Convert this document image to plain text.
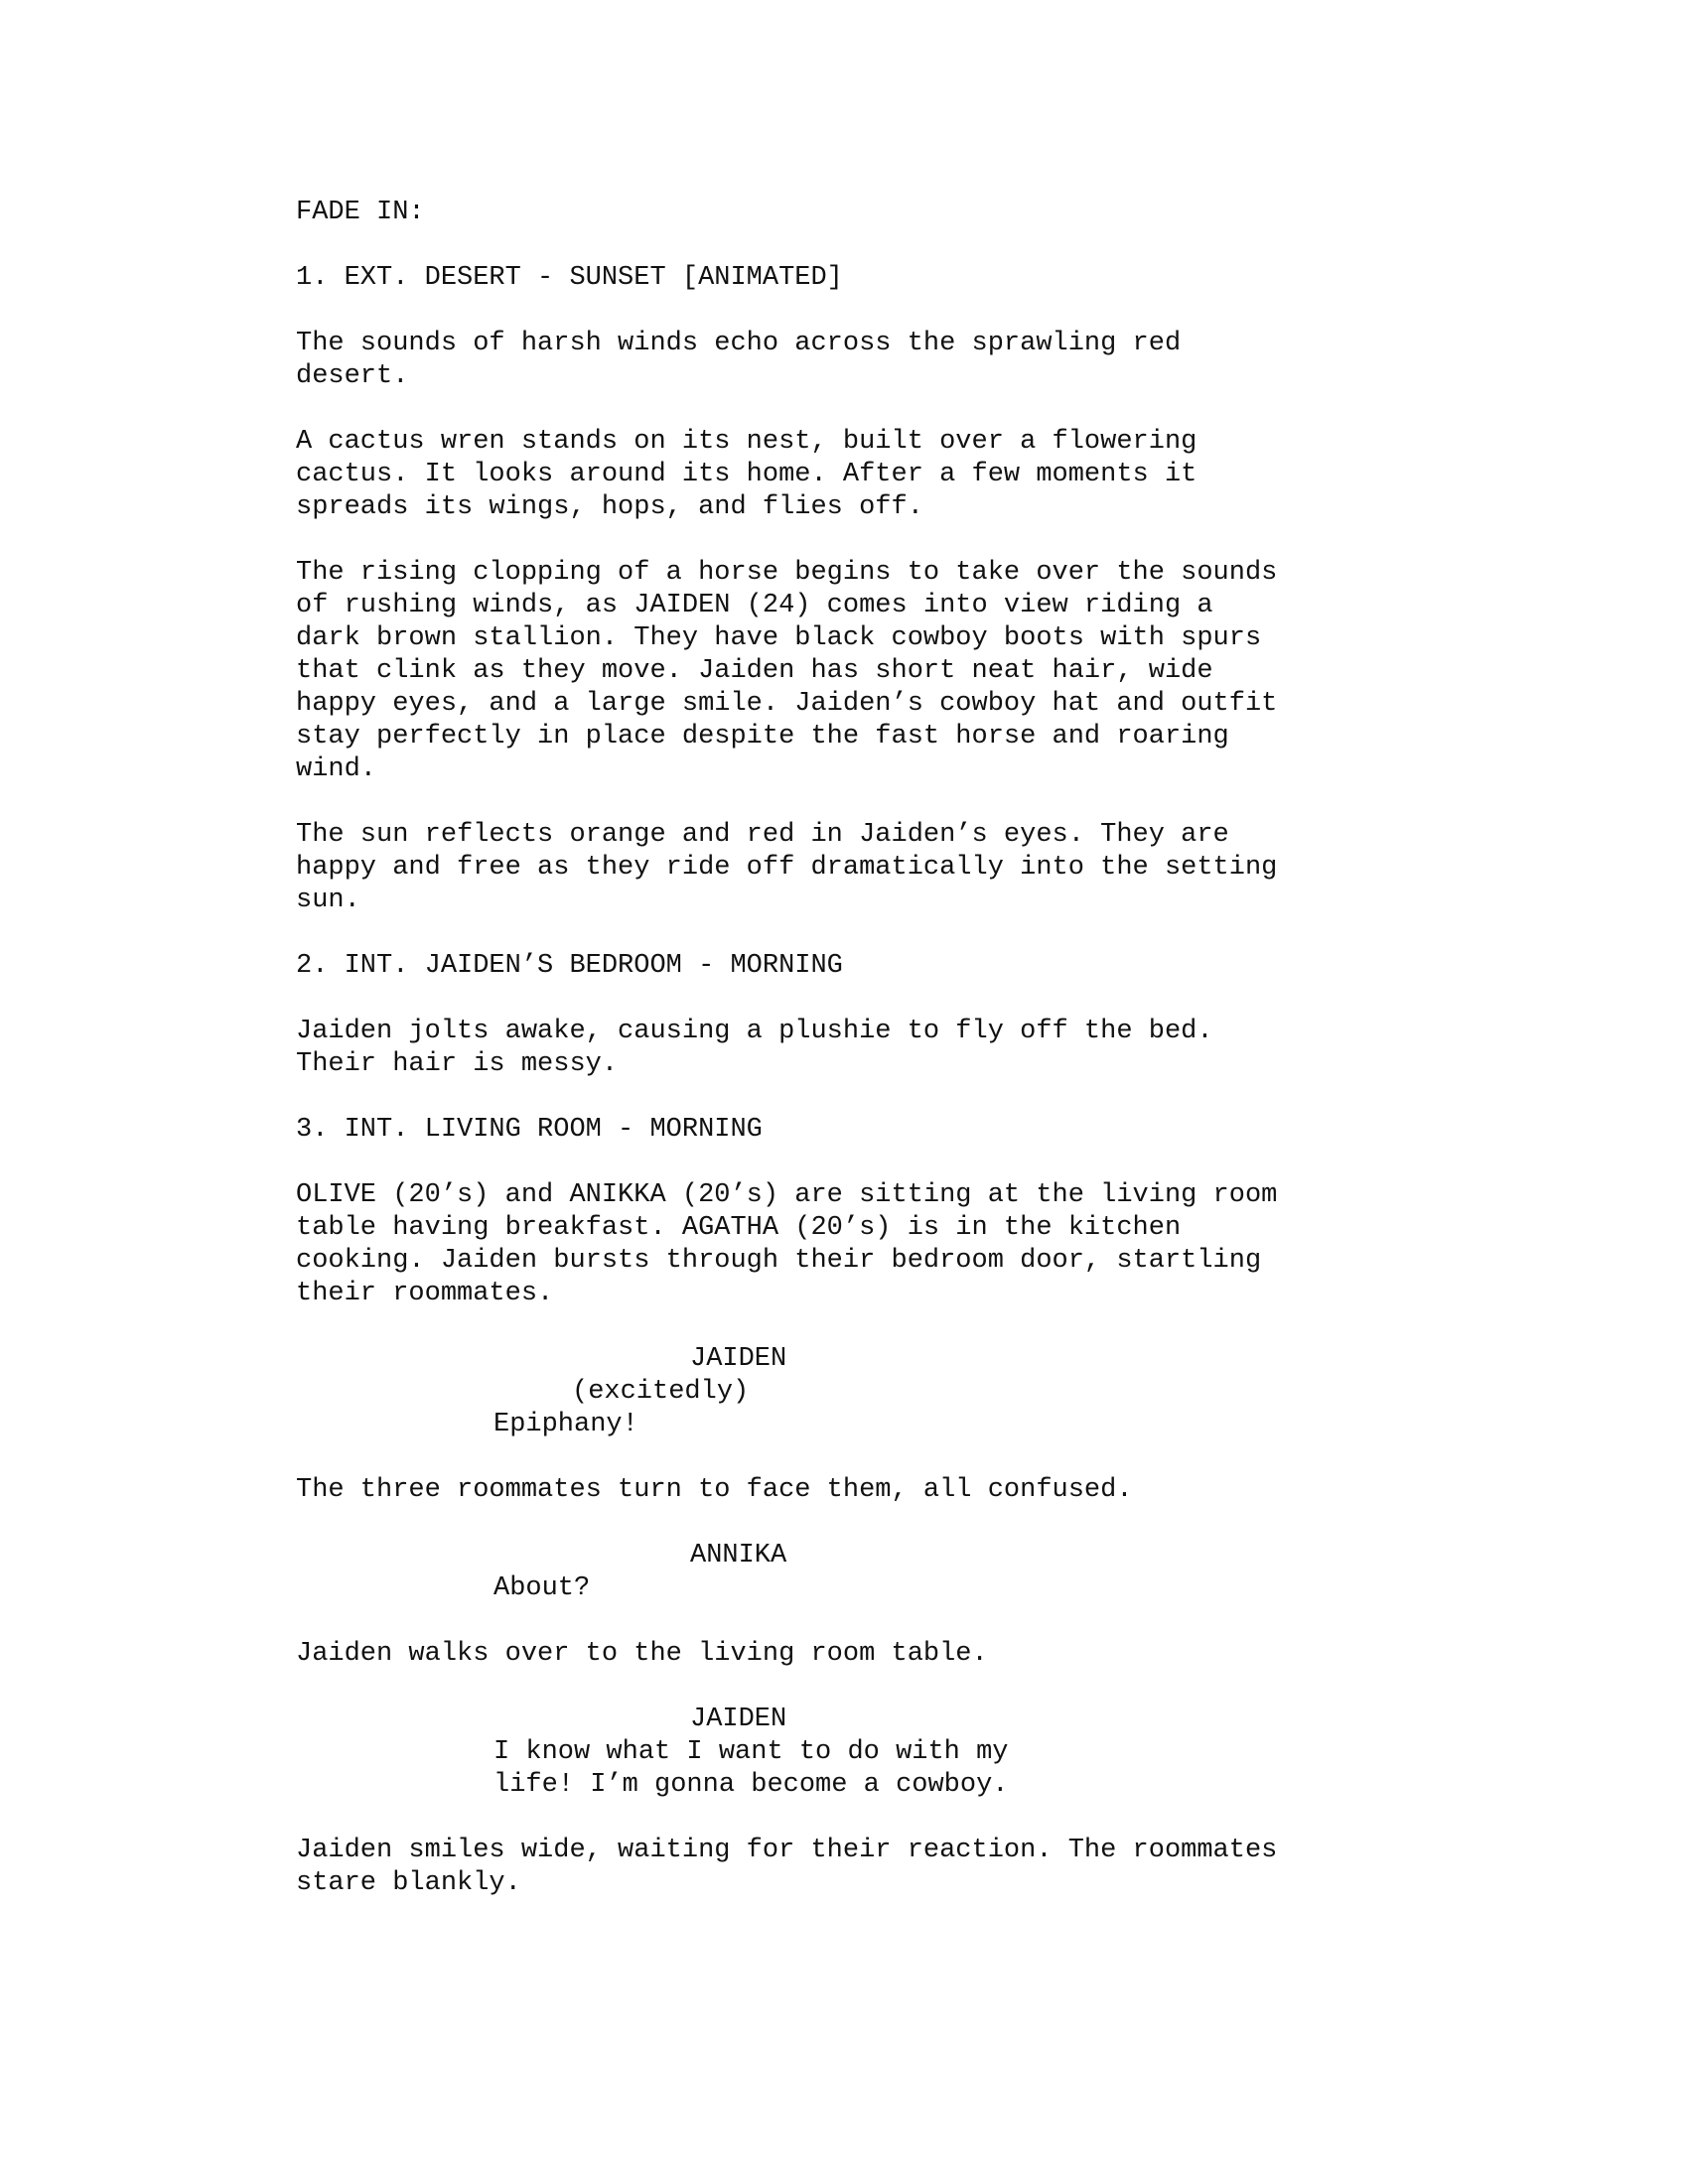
FADE IN:
1. EXT. DESERT - SUNSET [ANIMATED]
The sounds of harsh winds echo across the sprawling red
desert.
A cactus wren stands on its nest, built over a flowering
cactus. It looks around its home. After a few moments it
spreads its wings, hops, and flies off.
The rising clopping of a horse begins to take over the sounds
of rushing winds, as JAIDEN (24) comes into view riding a
dark brown stallion. They have black cowboy boots with spurs
that clink as they move. Jaiden has short neat hair, wide
happy eyes, and a large smile. Jaiden’s cowboy hat and outfit
stay perfectly in place despite the fast horse and roaring
wind.
The sun reflects orange and red in Jaiden’s eyes. They are
happy and free as they ride off dramatically into the setting
sun.
2. INT. JAIDEN’S BEDROOM - MORNING
Jaiden jolts awake, causing a plushie to fly off the bed.
Their hair is messy.
3. INT. LIVING ROOM - MORNING
OLIVE (20’s) and ANIKKA (20’s) are sitting at the living room
table having breakfast. AGATHA (20’s) is in the kitchen
cooking. Jaiden bursts through their bedroom door, startling
their roommates.
JAIDEN
(excitedly)
Epiphany!
The three roommates turn to face them, all confused.
ANNIKA
About?
Jaiden walks over to the living room table.
JAIDEN
I know what I want to do with my
life! I’m gonna become a cowboy.
Jaiden smiles wide, waiting for their reaction. The roommates
stare blankly.
